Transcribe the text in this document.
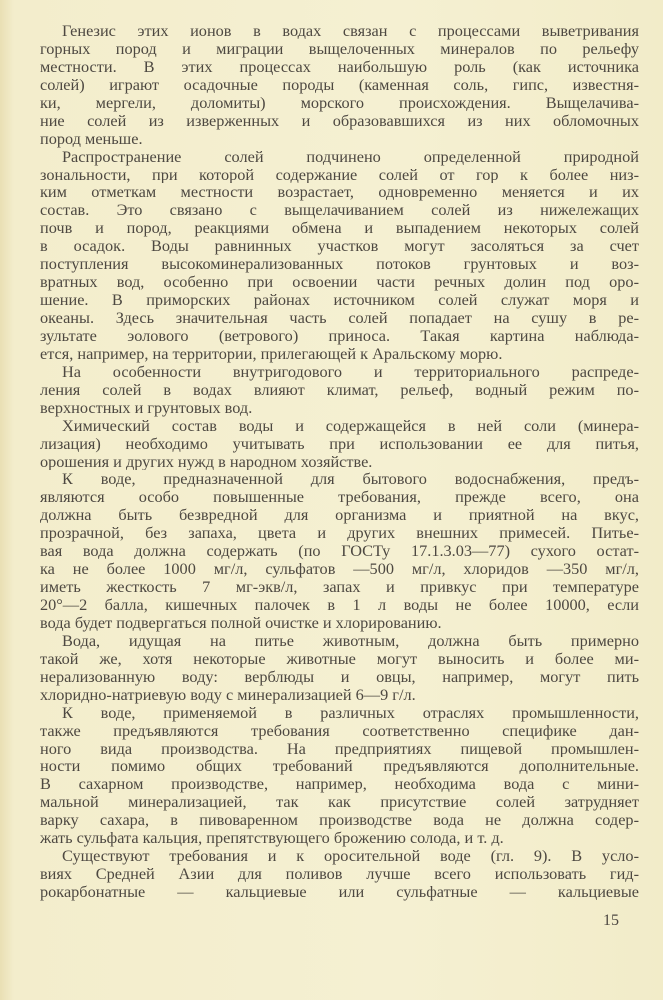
Генезис этих ионов в водах связан с процессами выветривания
горных пород и миграции выщелоченных минералов по рельефу
местности. В этих процессах наибольшую роль (как источника
солей) играют осадочные породы (каменная соль, гипс, известня-
ки, мергели, доломиты) морского происхождения. Выщелачива-
ние солей из изверженных и образовавшихся из них обломочных
пород меньше.
Распространение солей подчинено определенной природной
зональности, при которой содержание солей от гор к более низ-
ким отметкам местности возрастает, одновременно меняется и их
состав. Это связано с выщелачиванием солей из нижележащих
почв и пород, реакциями обмена и выпадением некоторых солей
в осадок. Воды равнинных участков могут засоляться за счет
поступления высокоминерализованных потоков грунтовых и воз-
вратных вод, особенно при освоении части речных долин под оро-
шение. В приморских районах источником солей служат моря и
океаны. Здесь значительная часть солей попадает на сушу в ре-
зультате эолового (ветрового) приноса. Такая картина наблюда-
ется, например, на территории, прилегающей к Аральскому морю.
На особенности внутригодового и территориального распреде-
ления солей в водах влияют климат, рельеф, водный режим по-
верхностных и грунтовых вод.
Химический состав воды и содержащейся в ней соли (минера-
лизация) необходимо учитывать при использовании ее для питья,
орошения и других нужд в народном хозяйстве.
К воде, предназначенной для бытового водоснабжения, предъ-
являются особо повышенные требования, прежде всего, она
должна быть безвредной для организма и приятной на вкус,
прозрачной, без запаха, цвета и других внешних примесей. Питье-
вая вода должна содержать (по ГОСТу 17.1.3.03—77) сухого остат-
ка не более 1000 мг/л, сульфатов —500 мг/л, хлоридов —350 мг/л,
иметь жесткость 7 мг-экв/л, запах и привкус при температуре
20°—2 балла, кишечных палочек в 1 л воды не более 10000, если
вода будет подвергаться полной очистке и хлорированию.
Вода, идущая на питье животным, должна быть примерно
такой же, хотя некоторые животные могут выносить и более ми-
нерализованную воду: верблюды и овцы, например, могут пить
хлоридно-натриевую воду с минерализацией 6—9 г/л.
К воде, применяемой в различных отраслях промышленности,
также предъявляются требования соответственно специфике дан-
ного вида производства. На предприятиях пищевой промышлен-
ности помимо общих требований предъявляются дополнительные.
В сахарном производстве, например, необходима вода с мини-
мальной минерализацией, так как присутствие солей затрудняет
варку сахара, в пивоваренном производстве вода не должна содер-
жать сульфата кальция, препятствующего брожению солода, и т. д.
Существуют требования и к оросительной воде (гл. 9). В усло-
виях Средней Азии для поливов лучше всего использовать гид-
рокарбонатные — кальциевые или сульфатные — кальциевые
15
